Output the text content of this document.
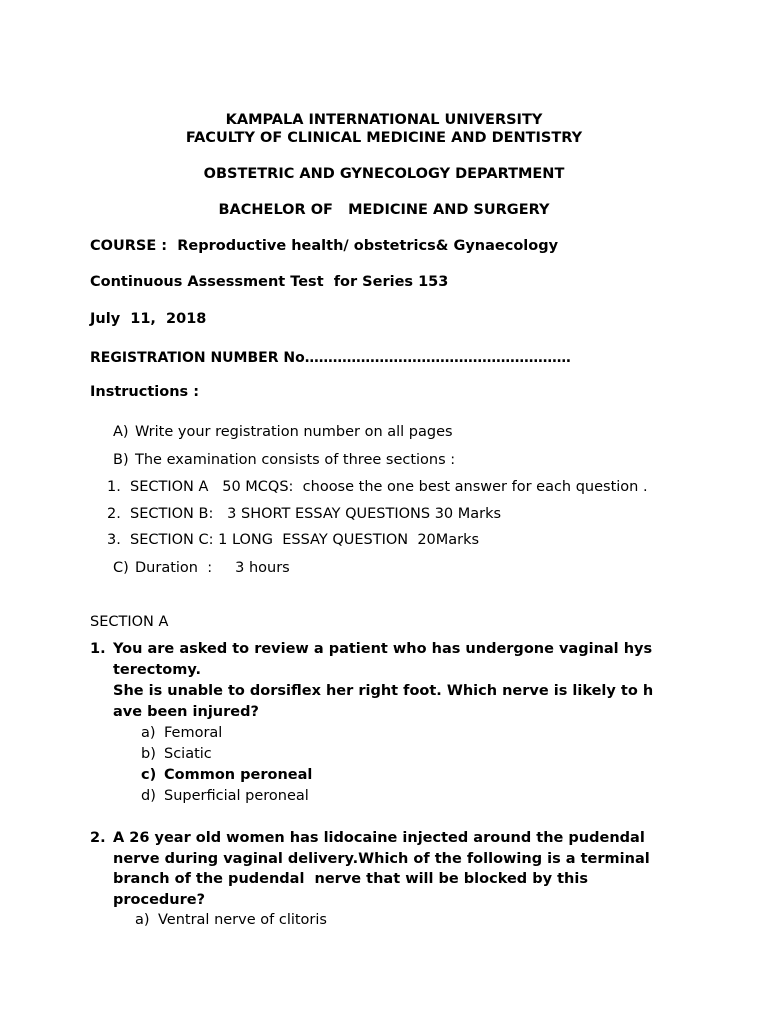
KAMPALA INTERNATIONAL UNIVERSITY
FACULTY OF CLINICAL MEDICINE AND DENTISTRY
OBSTETRIC AND GYNECOLOGY DEPARTMENT
BACHELOR OF   MEDICINE AND SURGERY
COURSE :  Reproductive health/ obstetrics& Gynaecology
Continuous Assessment Test  for Series 153
July  11,  2018
REGISTRATION NUMBER No…………………………………………………
Instructions :
A) Write your registration number on all pages
B) The examination consists of three sections :
1. SECTION A   50 MCQS:  choose the one best answer for each question .
2. SECTION B:   3 SHORT ESSAY QUESTIONS 30 Marks
3. SECTION C: 1 LONG  ESSAY QUESTION  20Marks
C) Duration  :     3 hours
SECTION A
1. You are asked to review a patient who has undergone vaginal hys
terectomy.
She is unable to dorsiflex her right foot. Which nerve is likely to h
ave been injured?
a) Femoral
b) Sciatic
c) Common peroneal
d) Superficial peroneal
2. A 26 year old women has lidocaine injected around the pudendal
nerve during vaginal delivery.Which of the following is a terminal
branch of the pudendal  nerve that will be blocked by this
procedure?
a) Ventral nerve of clitoris
